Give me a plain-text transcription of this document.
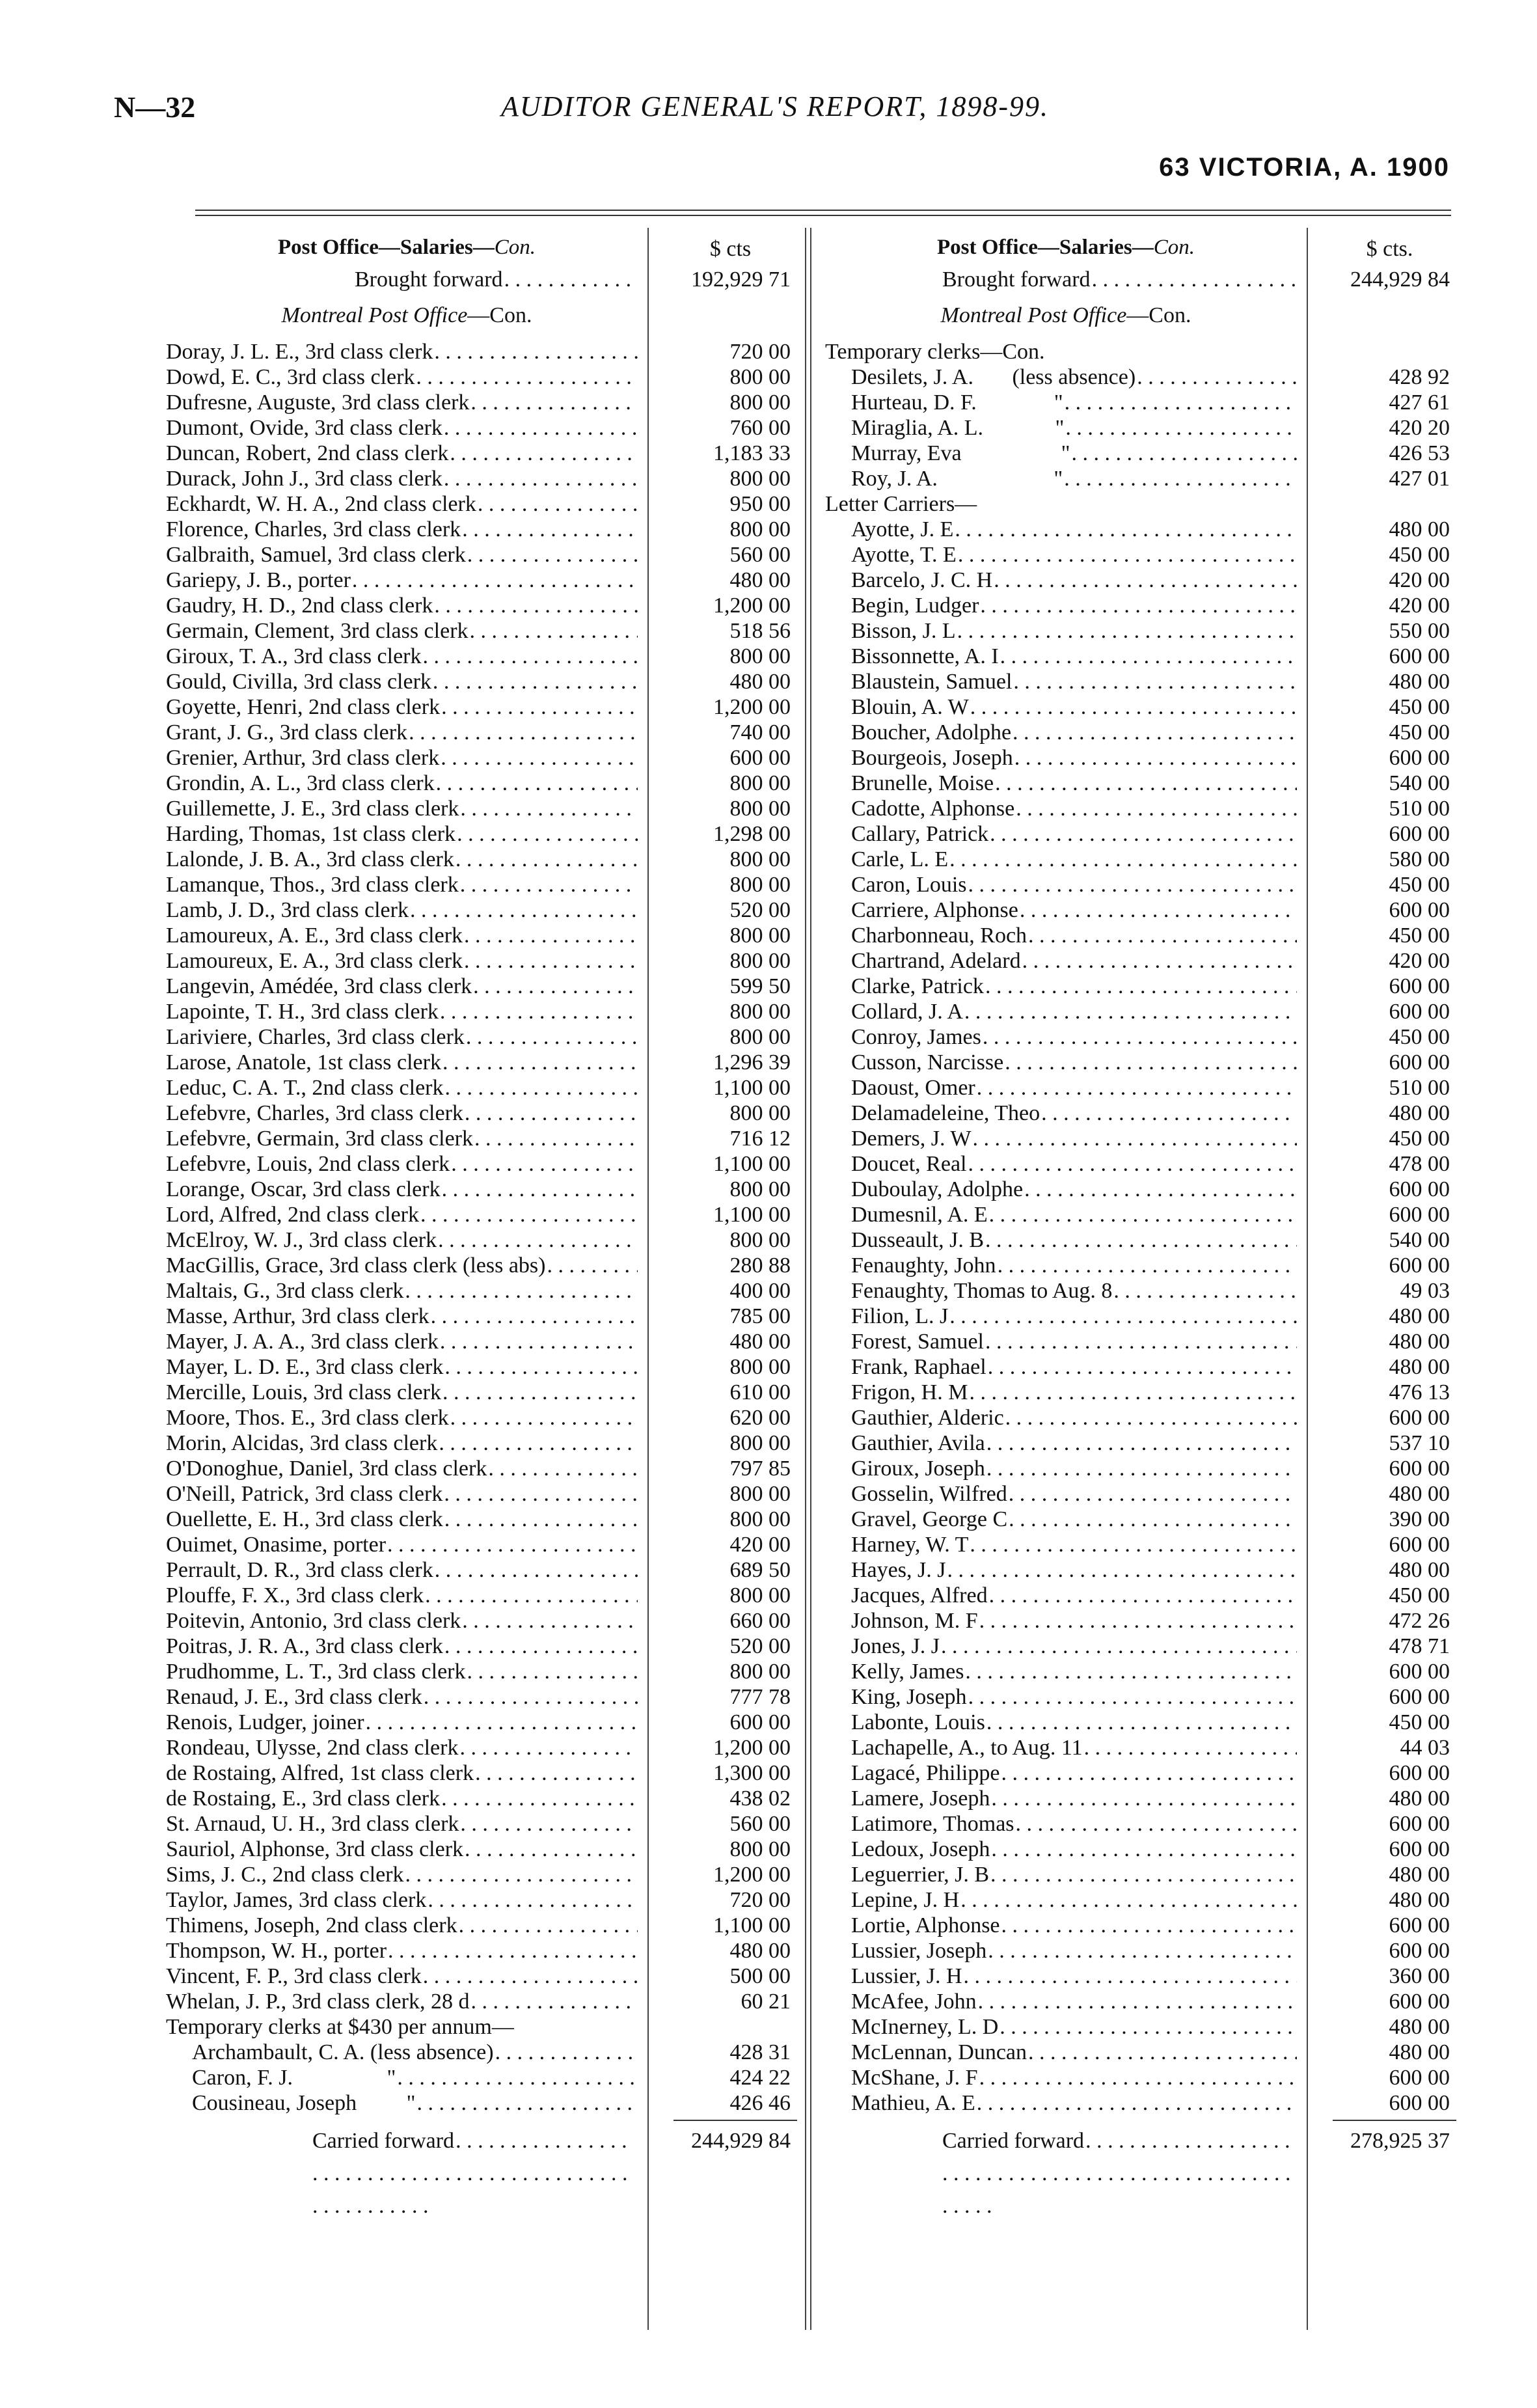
N—32	AUDITOR GENERAL'S REPORT, 1898-99.
63 VICTORIA, A. 1900
Post Office—Salaries—Con.	$ cts
Brought forward . . .	192,929 71
Montreal Post Office—Con.
Doray, J. L. E., 3rd class clerk . . .	720 00
Dowd, E. C., 3rd class clerk . . .	800 00
Dufresne, Auguste, 3rd class clerk . . .	800 00
Dumont, Ovide, 3rd class clerk . . .	760 00
Duncan, Robert, 2nd class clerk . . .	1,183 33
Durack, John J., 3rd class clerk . . .	800 00
Eckhardt, W. H. A., 2nd class clerk . . .	950 00
Florence, Charles, 3rd class clerk . . .	800 00
Galbraith, Samuel, 3rd class clerk . . .	560 00
Gariepy, J. B., porter . . .	480 00
Gaudry, H. D., 2nd class clerk . . .	1,200 00
Germain, Clement, 3rd class clerk . . .	518 56
Giroux, T. A., 3rd class clerk . . .	800 00
Gould, Civilla, 3rd class clerk . . .	480 00
Goyette, Henri, 2nd class clerk . . .	1,200 00
Grant, J. G., 3rd class clerk . . .	740 00
Grenier, Arthur, 3rd class clerk . . .	600 00
Grondin, A. L., 3rd class clerk . . .	800 00
Guillemette, J. E., 3rd class clerk . . .	800 00
Harding, Thomas, 1st class clerk . . .	1,298 00
Lalonde, J. B. A., 3rd class clerk . . .	800 00
Lamanque, Thos., 3rd class clerk . . .	800 00
Lamb, J. D., 3rd class clerk . . .	520 00
Lamoureux, A. E., 3rd class clerk . . .	800 00
Lamoureux, E. A., 3rd class clerk . . .	800 00
Langevin, Amédée, 3rd class clerk . . .	599 50
Lapointe, T. H., 3rd class clerk . . .	800 00
Lariviere, Charles, 3rd class clerk . . .	800 00
Larose, Anatole, 1st class clerk . . .	1,296 39
Leduc, C. A. T., 2nd class clerk . . .	1,100 00
Lefebvre, Charles, 3rd class clerk . . .	800 00
Lefebvre, Germain, 3rd class clerk . . .	716 12
Lefebvre, Louis, 2nd class clerk . . .	1,100 00
Lorange, Oscar, 3rd class clerk . . .	800 00
Lord, Alfred, 2nd class clerk . . .	1,100 00
McElroy, W. J., 3rd class clerk . . .	800 00
MacGillis, Grace, 3rd class clerk (less abs) . . .	280 88
Maltais, G., 3rd class clerk . . .	400 00
Masse, Arthur, 3rd class clerk . . .	785 00
Mayer, J. A. A., 3rd class clerk . . .	480 00
Mayer, L. D. E., 3rd class clerk . . .	800 00
Mercille, Louis, 3rd class clerk . . .	610 00
Moore, Thos. E., 3rd class clerk . . .	620 00
Morin, Alcidas, 3rd class clerk . . .	800 00
O'Donoghue, Daniel, 3rd class clerk . . .	797 85
O'Neill, Patrick, 3rd class clerk . . .	800 00
Ouellette, E. H., 3rd class clerk . . .	800 00
Ouimet, Onasime, porter . . .	420 00
Perrault, D. R., 3rd class clerk . . .	689 50
Plouffe, F. X., 3rd class clerk . . .	800 00
Poitevin, Antonio, 3rd class clerk . . .	660 00
Poitras, J. R. A., 3rd class clerk . . .	520 00
Prudhomme, L. T., 3rd class clerk . . .	800 00
Renaud, J. E., 3rd class clerk . . .	777 78
Renois, Ludger, joiner . . .	600 00
Rondeau, Ulysse, 2nd class clerk . . .	1,200 00
de Rostaing, Alfred, 1st class clerk . . .	1,300 00
de Rostaing, E., 3rd class clerk . . .	438 02
St. Arnaud, U. H., 3rd class clerk . . .	560 00
Sauriol, Alphonse, 3rd class clerk . . .	800 00
Sims, J. C., 2nd class clerk . . .	1,200 00
Taylor, James, 3rd class clerk . . .	720 00
Thimens, Joseph, 2nd class clerk . . .	1,100 00
Thompson, W. H., porter . . .	480 00
Vincent, F. P., 3rd class clerk . . .	500 00
Whelan, J. P., 3rd class clerk, 28 d . . .	60 21
Temporary clerks at $430 per annum—
Archambault, C. A. (less absence) . . .	428 31
Caron, F. J.                 " . . .	424 22
Cousineau, Joseph         " . . .	426 46
Carried forward . . .	244,929 84
Post Office—Salaries—Con.	$ cts.
Brought forward . . .	244,929 84
Montreal Post Office—Con.
Temporary clerks—Con.
Desilets, J. A.       (less absence) . . .	428 92
Hurteau, D. F.              " . . .	427 61
Miraglia, A. L.             " . . .	420 20
Murray, Eva                  " . . .	426 53
Roy, J. A.                     " . . .	427 01
Letter Carriers—
Ayotte, J. E . . .	480 00
Ayotte, T. E . . .	450 00
Barcelo, J. C. H . . .	420 00
Begin, Ludger . . .	420 00
Bisson, J. L . . .	550 00
Bissonnette, A. I . . .	600 00
Blaustein, Samuel . . .	480 00
Blouin, A. W . . .	450 00
Boucher, Adolphe . . .	450 00
Bourgeois, Joseph . . .	600 00
Brunelle, Moise . . .	540 00
Cadotte, Alphonse . . .	510 00
Callary, Patrick . . .	600 00
Carle, L. E . . .	580 00
Caron, Louis . . .	450 00
Carriere, Alphonse . . .	600 00
Charbonneau, Roch . . .	450 00
Chartrand, Adelard . . .	420 00
Clarke, Patrick . . .	600 00
Collard, J. A . . .	600 00
Conroy, James . . .	450 00
Cusson, Narcisse . . .	600 00
Daoust, Omer . . .	510 00
Delamadeleine, Theo . . .	480 00
Demers, J. W . . .	450 00
Doucet, Real . . .	478 00
Duboulay, Adolphe . . .	600 00
Dumesnil, A. E . . .	600 00
Dusseault, J. B . . .	540 00
Fenaughty, John . . .	600 00
Fenaughty, Thomas to Aug. 8 . . .	49 03
Filion, L. J . . .	480 00
Forest, Samuel . . .	480 00
Frank, Raphael . . .	480 00
Frigon, H. M . . .	476 13
Gauthier, Alderic . . .	600 00
Gauthier, Avila . . .	537 10
Giroux, Joseph . . .	600 00
Gosselin, Wilfred . . .	480 00
Gravel, George C . . .	390 00
Harney, W. T . . .	600 00
Hayes, J. J . . .	480 00
Jacques, Alfred . . .	450 00
Johnson, M. F . . .	472 26
Jones, J. J . . .	478 71
Kelly, James . . .	600 00
King, Joseph . . .	600 00
Labonte, Louis . . .	450 00
Lachapelle, A., to Aug. 11 . . .	44 03
Lagacé, Philippe . . .	600 00
Lamere, Joseph . . .	480 00
Latimore, Thomas . . .	600 00
Ledoux, Joseph . . .	600 00
Leguerrier, J. B . . .	480 00
Lepine, J. H . . .	480 00
Lortie, Alphonse . . .	600 00
Lussier, Joseph . . .	600 00
Lussier, J. H . . .	360 00
McAfee, John . . .	600 00
McInerney, L. D . . .	480 00
McLennan, Duncan . . .	480 00
McShane, J. F . . .	600 00
Mathieu, A. E . . .	600 00
Carried forward . . .	278,925 37
